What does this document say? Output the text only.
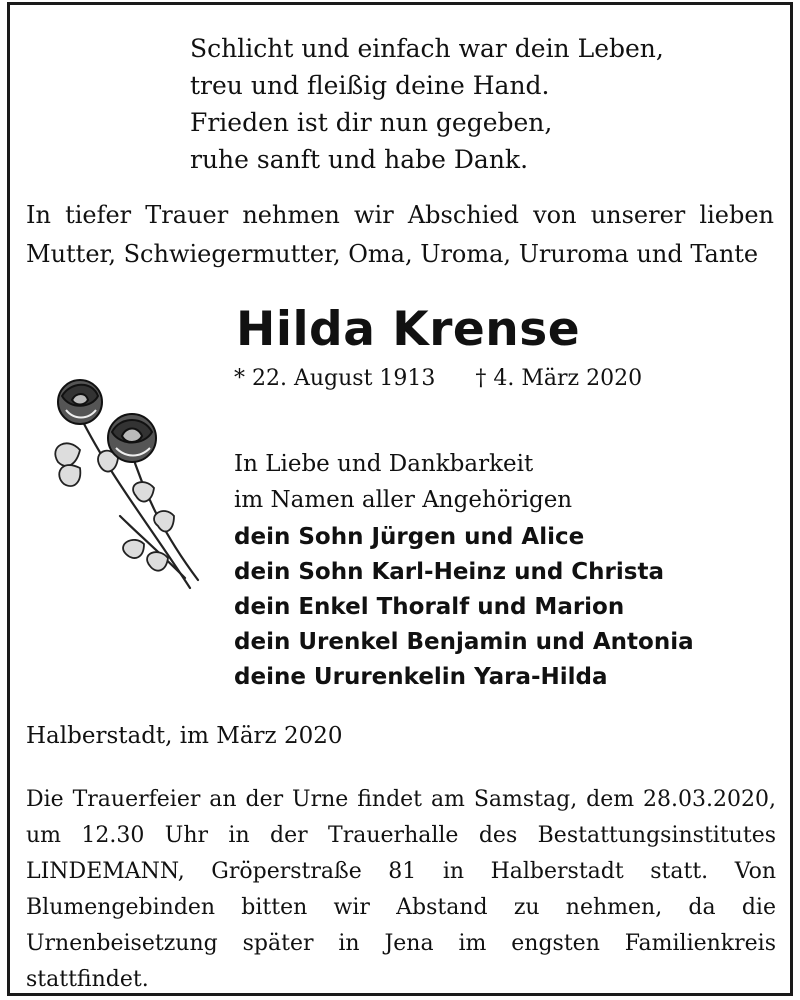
Schlicht und einfach war dein Leben,
treu und fleißig deine Hand.
Frieden ist dir nun gegeben,
ruhe sanft und habe Dank.
In tiefer Trauer nehmen wir Abschied von unserer lieben
Mutter, Schwiegermutter, Oma, Uroma, Ururoma und Tante
Hilda Krense
* 22. August 1913 † 4. März 2020
In Liebe und Dankbarkeit
im Namen aller Angehörigen
dein Sohn Jürgen und Alice
dein Sohn Karl-Heinz und Christa
dein Enkel Thoralf und Marion
dein Urenkel Benjamin und Antonia
deine Ururenkelin Yara-Hilda
Halberstadt, im März 2020
Die Trauerfeier an der Urne findet am Samstag, dem 28.03.2020,
um 12.30 Uhr in der Trauerhalle des Bestattungsinstitutes
LINDEMANN, Gröperstraße 81 in Halberstadt statt. Von
Blumengebinden bitten wir Abstand zu nehmen, da die
Urnenbeisetzung später in Jena im engsten Familienkreis
stattfindet.
